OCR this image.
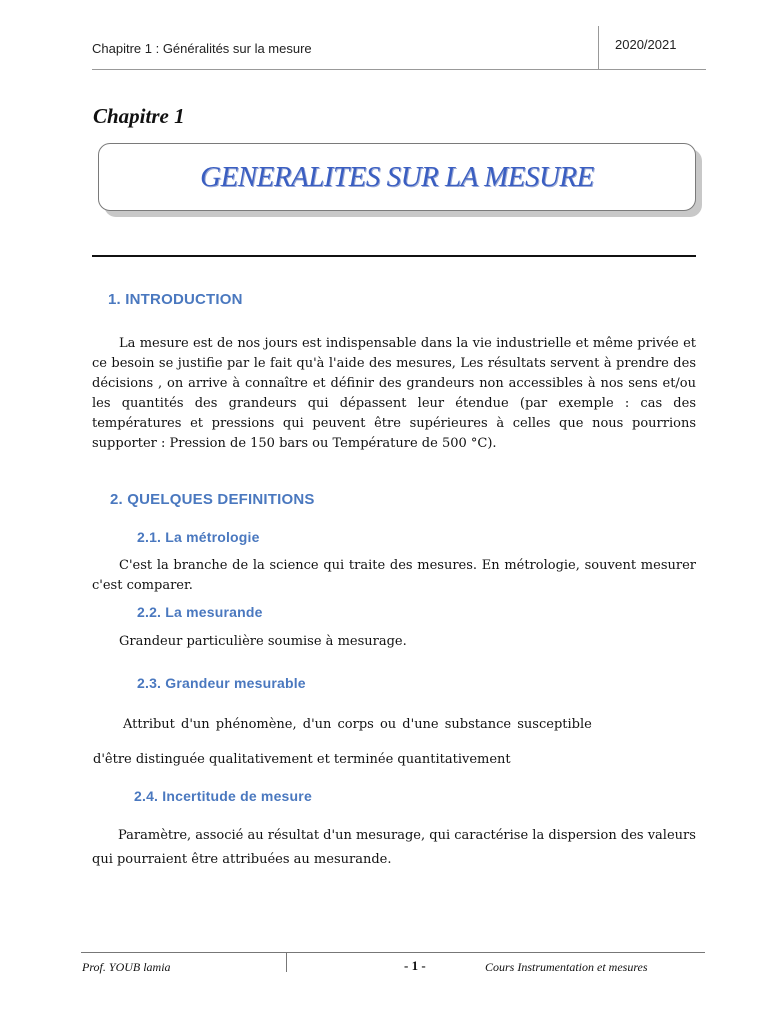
Chapitre 1 : Généralités sur la mesure	2020/2021
Chapitre 1
GENERALITES SUR LA MESURE
1. INTRODUCTION

La mesure est de nos jours est indispensable dans la vie industrielle et même privée et ce besoin se justifie par le fait qu'à l'aide des mesures, Les résultats servent à prendre des décisions , on arrive à connaître et définir des grandeurs non accessibles à nos sens et/ou les quantités des grandeurs qui dépassent leur étendue (par exemple : cas des températures et pressions qui peuvent être supérieures à celles que nous pourrions supporter : Pression de 150 bars ou Température de 500 °C).

2. QUELQUES DEFINITIONS
2.1. La métrologie

C'est la branche de la science qui traite des mesures. En métrologie, souvent mesurer c'est comparer.

2.2. La mesurande

Grandeur particulière soumise à mesurage.

2.3. Grandeur mesurable

Attribut d'un phénomène, d'un corps ou d'une substance susceptible

d'être distinguée qualitativement et terminée quantitativement

2.4. Incertitude de mesure

Paramètre, associé au résultat d'un mesurage, qui caractérise la dispersion des valeurs qui pourraient être attribuées au mesurande.

Prof. YOUB lamia	- 1 -	Cours Instrumentation et mesures
